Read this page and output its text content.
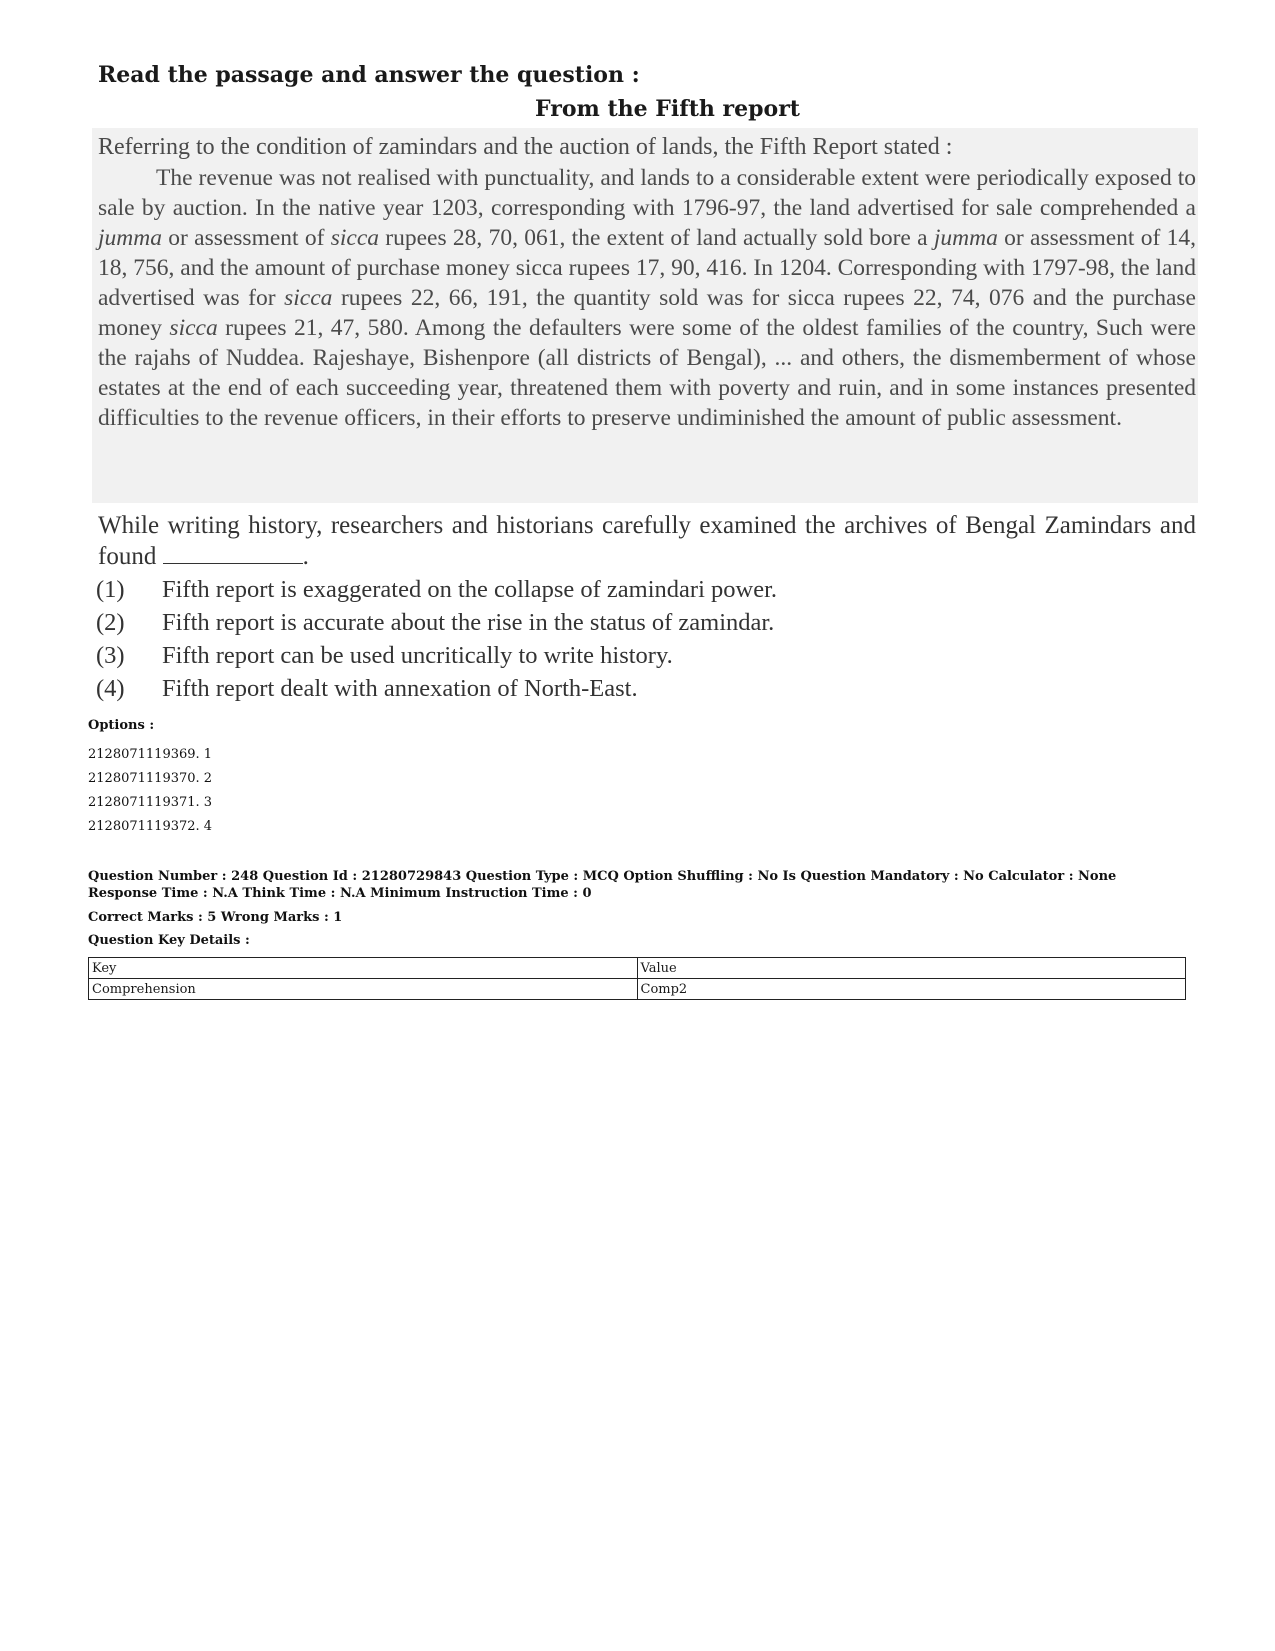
Read the passage and answer the question :
From the Fifth report
Referring to the condition of zamindars and the auction of lands, the Fifth Report stated :

The revenue was not realised with punctuality, and lands to a considerable extent were periodically exposed to sale by auction. In the native year 1203, corresponding with 1796-97, the land advertised for sale comprehended a jumma or assessment of sicca rupees 28, 70, 061, the extent of land actually sold bore a jumma or assessment of 14, 18, 756, and the amount of purchase money sicca rupees 17, 90, 416. In 1204. Corresponding with 1797-98, the land advertised was for sicca rupees 22, 66, 191, the quantity sold was for sicca rupees 22, 74, 076 and the purchase money sicca rupees 21, 47, 580. Among the defaulters were some of the oldest families of the country, Such were the rajahs of Nuddea. Rajeshaye, Bishenpore (all districts of Bengal), ... and others, the dismemberment of whose estates at the end of each succeeding year, threatened them with poverty and ruin, and in some instances presented difficulties to the revenue officers, in their efforts to preserve undiminished the amount of public assessment.

While writing history, researchers and historians carefully examined the archives of Bengal Zamindars and found	.

(1)	Fifth report is exaggerated on the collapse of zamindari power.
(2)	Fifth report is accurate about the rise in the status of zamindar.
(3)	Fifth report can be used uncritically to write history.
(4)	Fifth report dealt with annexation of North-East.
Options :
2128071119369. 1
2128071119370. 2
2128071119371. 3
2128071119372. 4
Question Number : 248 Question Id : 21280729843 Question Type : MCQ Option Shuffling : No Is Question Mandatory : No Calculator : None
Response Time : N.A Think Time : N.A Minimum Instruction Time : 0
Correct Marks : 5 Wrong Marks : 1
Question Key Details :
Key	Value
Comprehension	Comp2
